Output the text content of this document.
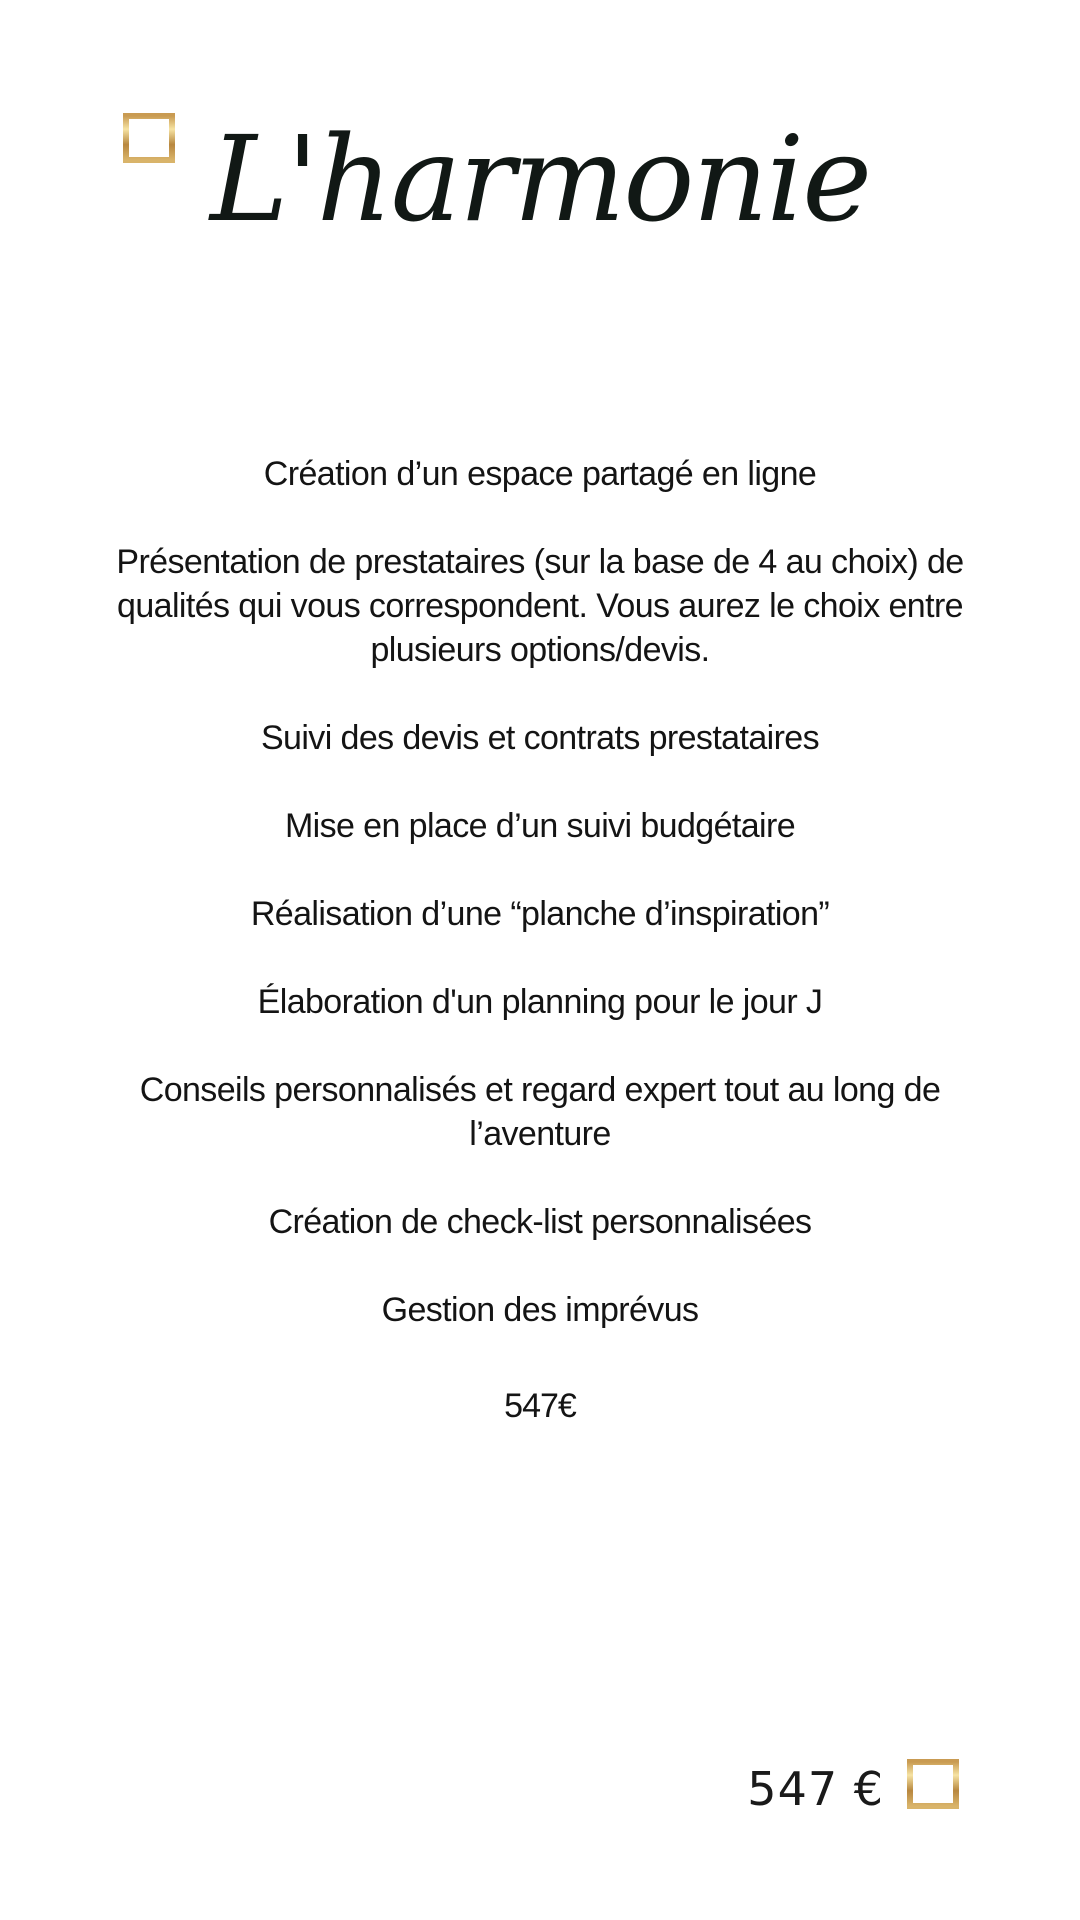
L'harmonie
Création d’un espace partagé en ligne
Présentation de prestataires (sur la base de 4 au choix) de qualités qui vous correspondent. Vous aurez le choix entre plusieurs options/devis.
Suivi des devis et contrats prestataires
Mise en place d’un suivi budgétaire
Réalisation d’une “planche d’inspiration”
Élaboration d'un planning pour le jour J
Conseils personnalisés et regard expert tout au long de l’aventure
Création de check-list personnalisées
Gestion des imprévus
547€
547 €
